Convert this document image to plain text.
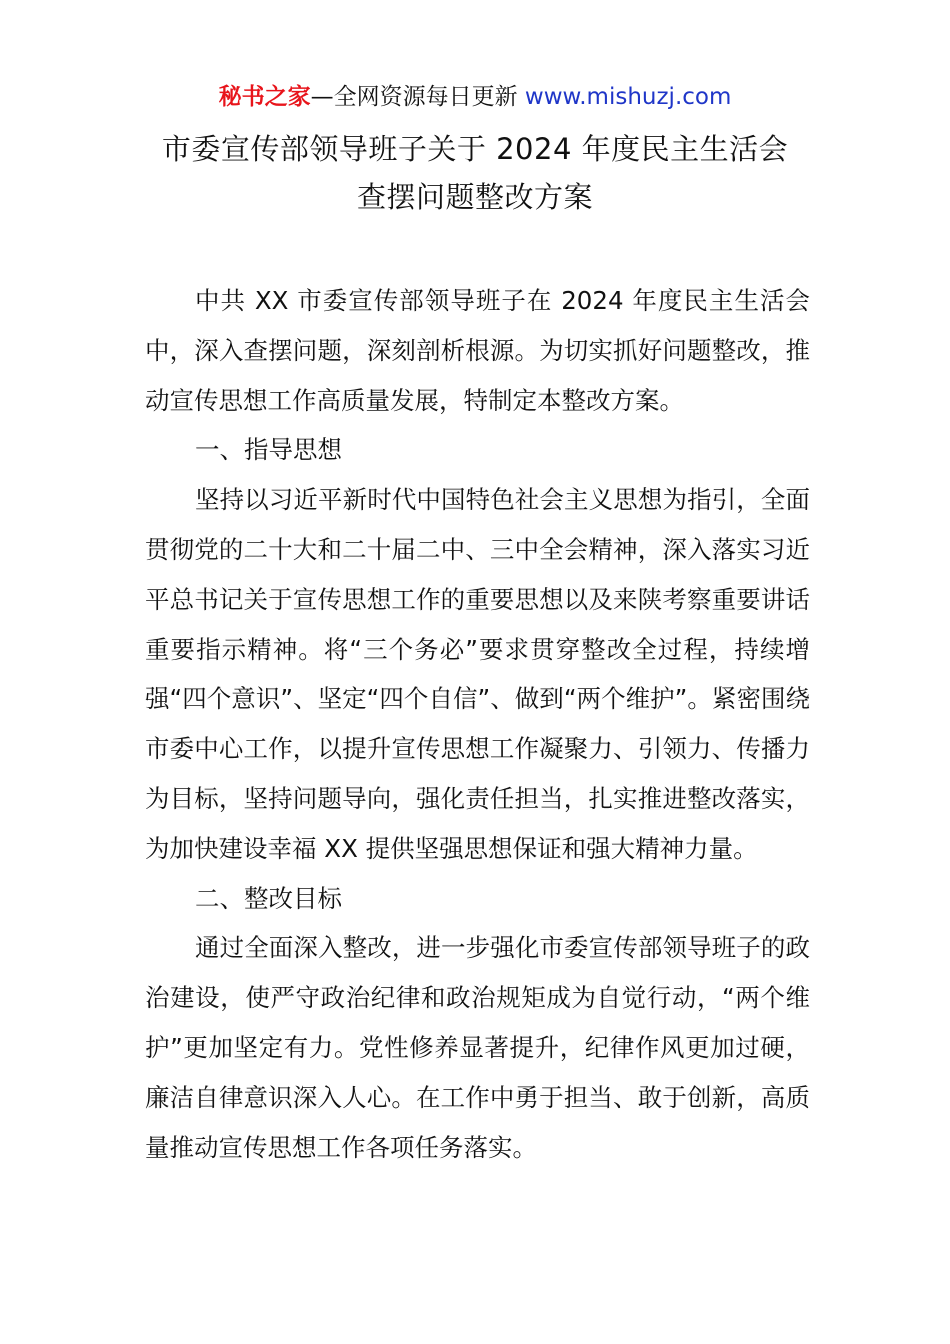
秘书之家—全网资源每日更新 www.mishuzj.com
市委宣传部领导班子关于 2024 年度民主生活会
查摆问题整改方案

中共 XX 市委宣传部领导班子在 2024 年度民主生活会中，深入查摆问题，深刻剖析根源。为切实抓好问题整改，推动宣传思想工作高质量发展，特制定本整改方案。

一、指导思想

坚持以习近平新时代中国特色社会主义思想为指引，全面贯彻党的二十大和二十届二中、三中全会精神，深入落实习近平总书记关于宣传思想工作的重要思想以及来陕考察重要讲话重要指示精神。将“三个务必”要求贯穿整改全过程，持续增强“四个意识”、坚定“四个自信”、做到“两个维护”。紧密围绕市委中心工作，以提升宣传思想工作凝聚力、引领力、传播力为目标，坚持问题导向，强化责任担当，扎实推进整改落实，为加快建设幸福 XX 提供坚强思想保证和强大精神力量。

二、整改目标

通过全面深入整改，进一步强化市委宣传部领导班子的政治建设，使严守政治纪律和政治规矩成为自觉行动，“两个维护”更加坚定有力。党性修养显著提升，纪律作风更加过硬，廉洁自律意识深入人心。在工作中勇于担当、敢于创新，高质量推动宣传思想工作各项任务落实。
